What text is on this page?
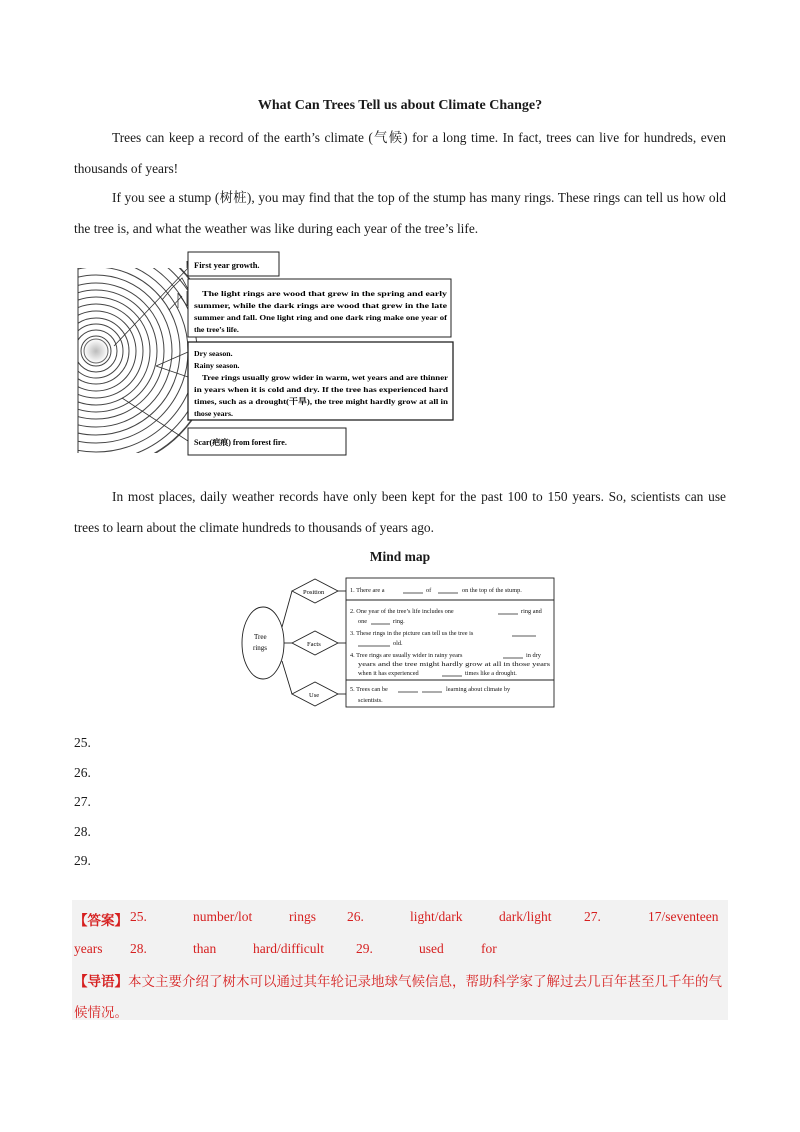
What Can Trees Tell us about Climate Change?
Trees can keep a record of the earth’s climate (气候) for a long time. In fact, trees can live for hundreds, even thousands of years!
If you see a stump (树桩), you may find that the top of the stump has many rings. These rings can tell us how old the tree is, and what the weather was like during each year of the tree’s life.
First year growth.
The light rings are wood that grew in the spring and early
summer, while the dark rings are wood that grew in the late
summer and fall. One light ring and one dark ring make one year of
the tree’s life.
Dry season.
Rainy season.
Tree rings usually grow wider in warm, wet years and are thinner
in years when it is cold and dry. If the tree has experienced hard
times, such as a drought(干旱), the tree might hardly grow at all in
those years.
Scar(疤痕) from forest fire.
In most places, daily weather records have only been kept for the past 100 to 150 years. So, scientists can use trees to learn about the climate hundreds to thousands of years ago.
Mind map
Tree
rings
Position
Facts
Use
1. There are a	of	on the top of the stump.
2. One year of the tree’s life includes one	ring and
one	ring.
3. These rings in the picture can tell us the tree is
old.
4. Tree rings are usually wider in rainy years	in dry
years and the tree might hardly grow at all in those years
when it has experienced	times like a drought.
5. Trees can be	learning about climate by
scientists.
25.
26.
27.
28.
29.
【答案】 25.	number/lot	rings 26.	light/dark	dark/light 27.	17/seventeen
years 28.	than	hard/difficult 29.	used	for
【导语】本文主要介绍了树木可以通过其年轮记录地球气候信息，帮助科学家了解过去几百年甚至几千年的气候情况。
